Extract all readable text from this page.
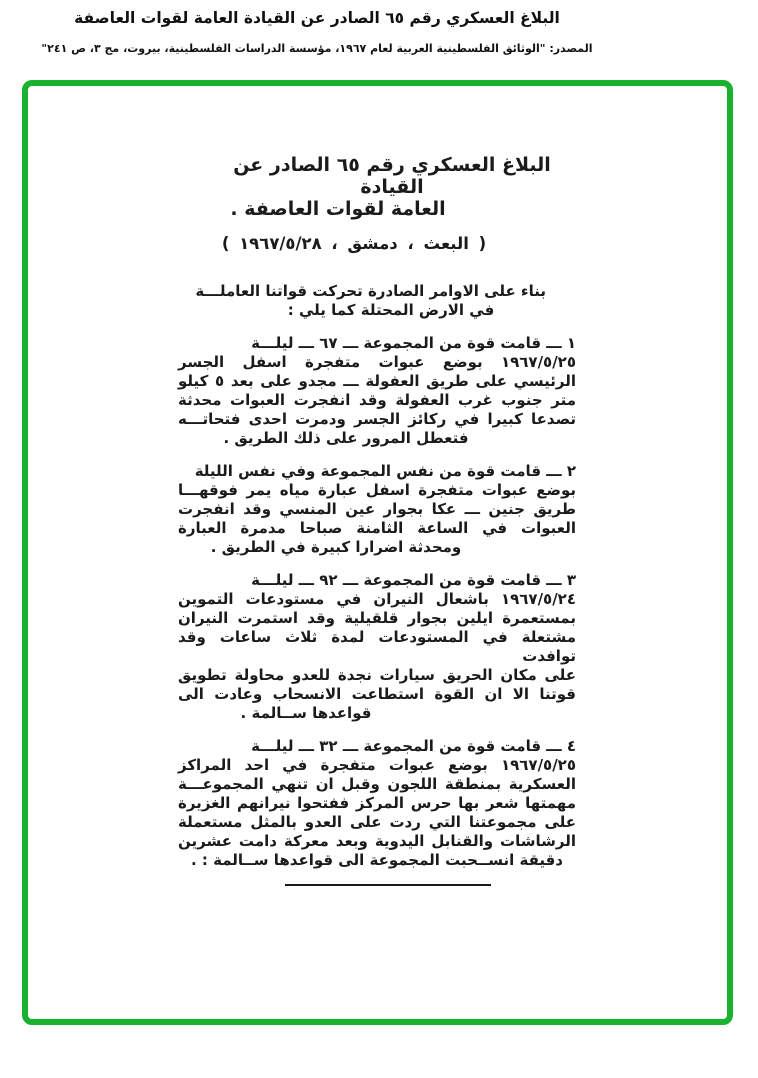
البلاغ العسكري رقم ٦٥ الصادر عن القيادة العامة لقوات العاصفة
المصدر: "الوثائق الفلسطينية العربية لعام ١٩٦٧، مؤسسة الدراسات الفلسطينية، بيروت، مج ٣، ص ٢٤١"
البلاغ العسكري رقم ٦٥ الصادر عن القيادة
العامة لقوات العاصفة .
( البعث ، دمشق ، ١٩٦٧/٥/٢٨ )
بناء على الاوامر الصادرة تحركت قواتنا العاملـــة
في الارض المحتلة كما يلي :
١ ـــ قامت قوة من المجموعة ـــ ٦٧ ـــ ليلـــة
١٩٦٧/٥/٢٥ بوضع عبوات متفجرة اسفل الجسر
الرئيسي على طريق العفولة ـــ مجدو على بعد ٥ كيلو
متر جنوب غرب العفولة وقد انفجرت العبوات محدثة
تصدعا كبيرا في ركائز الجسر ودمرت احدى فتحاتـــه
فتعطل المرور على ذلك الطريق .
٢ ـــ قامت قوة من نفس المجموعة وفي نفس الليلة
بوضع عبوات متفجرة اسفل عبارة مياه يمر فوقهـــا
طريق جنين ـــ عكا بجوار عين المنسي وقد انفجرت
العبوات في الساعة الثامنة صباحا مدمرة العبارة
ومحدثة اضرارا كبيرة في الطريق .
٣ ـــ قامت قوة من المجموعة ـــ ٩٢ ـــ ليلـــة
١٩٦٧/٥/٢٤ باشعال النيران في مستودعات التموين
بمستعمرة ايلين بجوار قلقيلية وقد استمرت النيران
مشتعلة في المستودعات لمدة ثلاث ساعات وقد توافدت
على مكان الحريق سيارات نجدة للعدو محاولة تطويق
قوتنا الا ان القوة استطاعت الانسحاب وعادت الى
قواعدها ســالمة .
٤ ـــ قامت قوة من المجموعة ـــ ٣٢ ـــ ليلـــة
١٩٦٧/٥/٢٥ بوضع عبوات متفجرة في احد المراكز
العسكرية بمنطقة اللجون وقبل ان تنهي المجموعـــة
مهمتها شعر بها حرس المركز ففتحوا نيرانهم الغزيرة
على مجموعتنا التي ردت على العدو بالمثل مستعملة
الرشاشات والقنابل اليدوية وبعد معركة دامت عشرين
دقيقة انســحبت المجموعة الى قواعدها ســالمة : .
